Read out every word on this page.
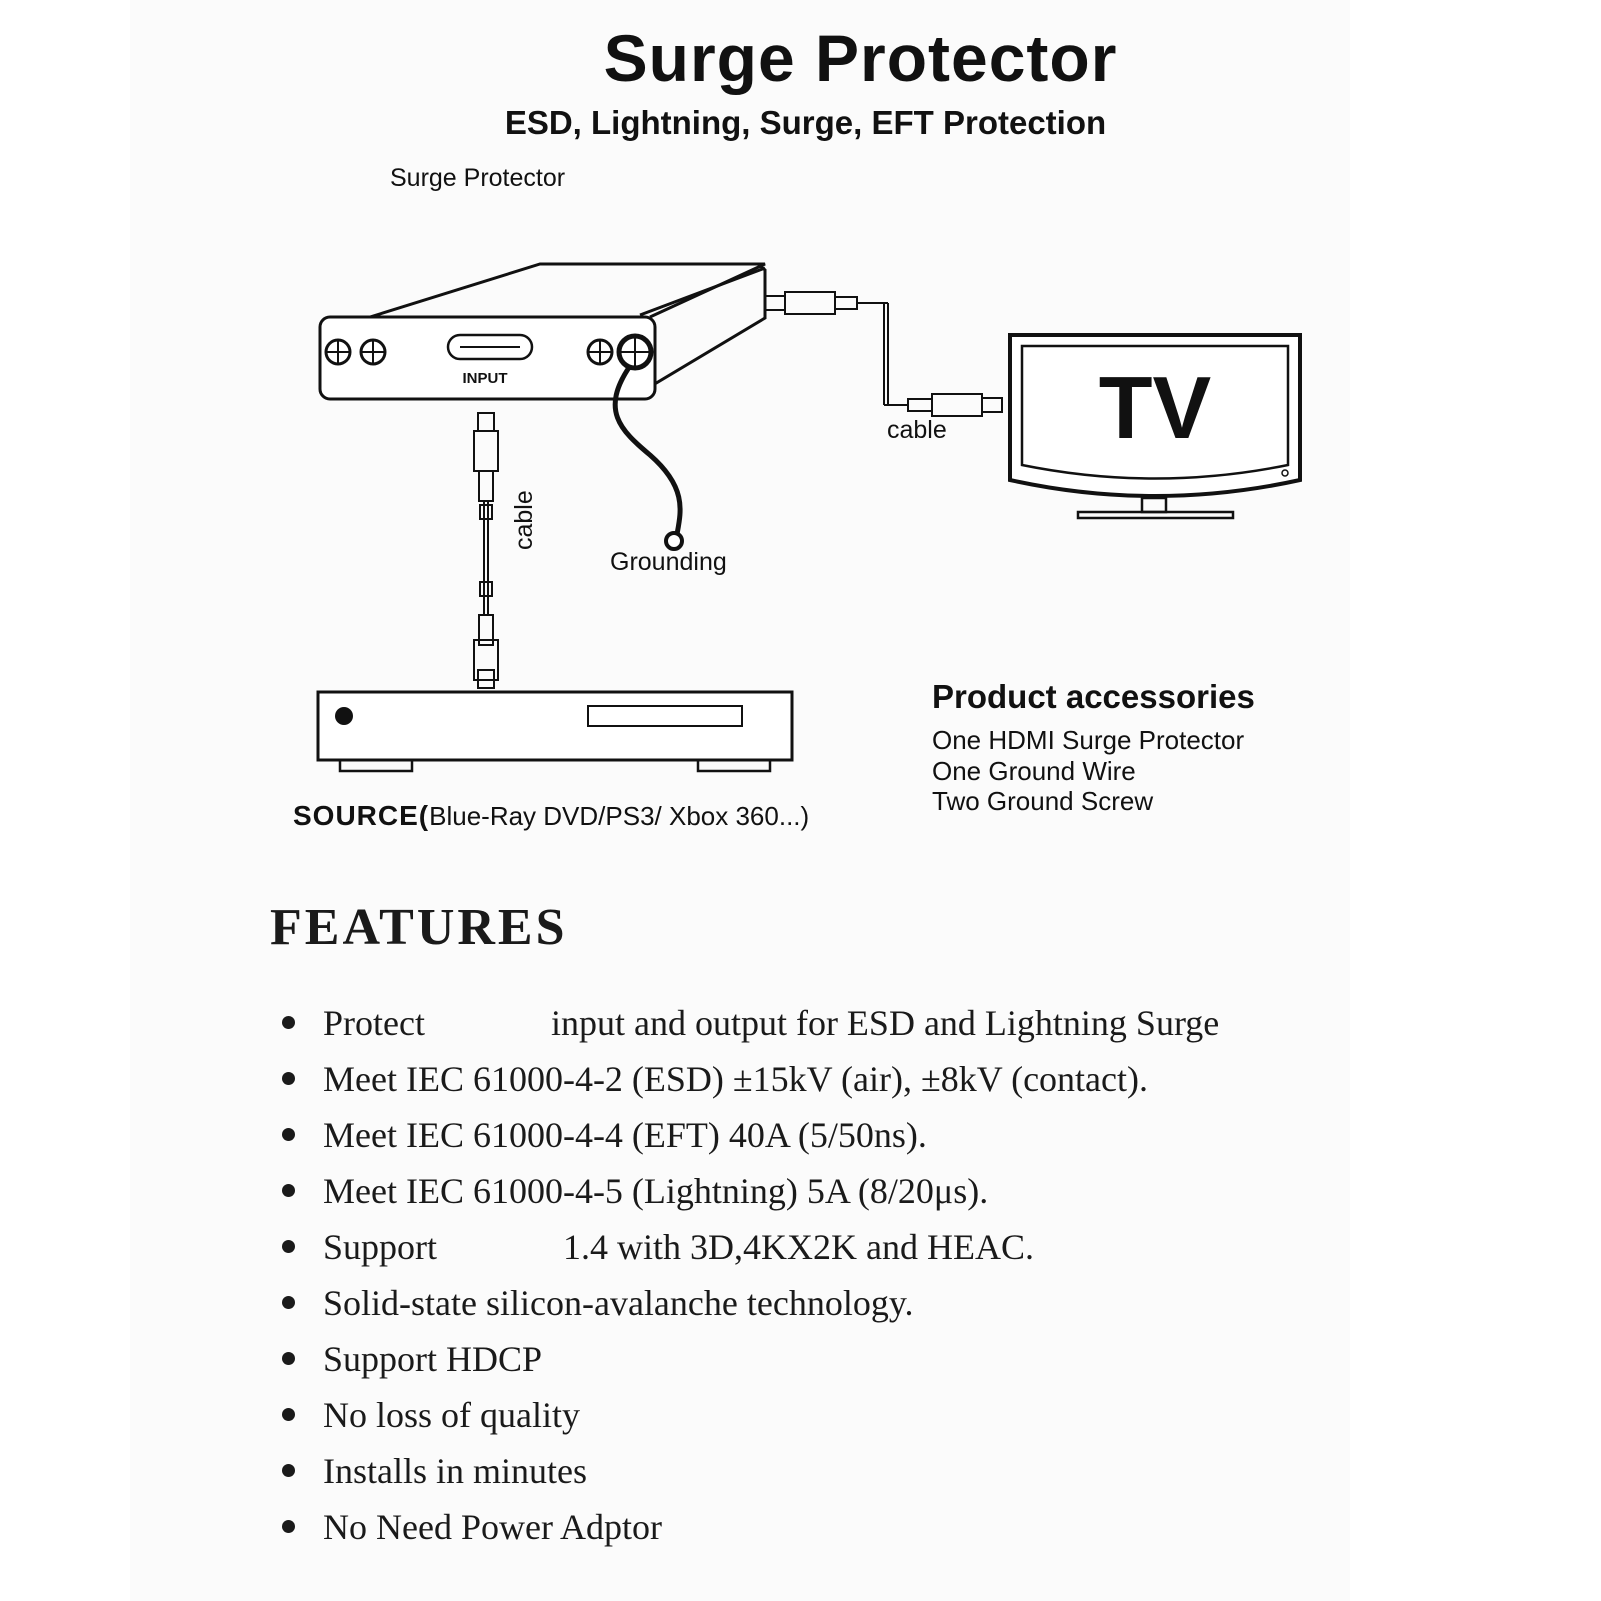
Surge Protector
ESD, Lightning, Surge, EFT Protection
Surge Protector
INPUT	TV
cable
cable
Grounding
SOURCE(Blue-Ray DVD/PS3/ Xbox 360...)
Product accessories
One HDMI Surge Protector
One Ground Wire
Two Ground Screw
FEATURES
Protect              input and output for ESD and Lightning Surge
Meet IEC 61000-4-2 (ESD) ±15kV (air), ±8kV (contact).
Meet IEC 61000-4-4 (EFT) 40A (5/50ns).
Meet IEC 61000-4-5 (Lightning) 5A (8/20μs).
Support              1.4 with 3D,4KX2K and HEAC.
Solid-state silicon-avalanche technology.
Support HDCP
No loss of quality
Installs in minutes
No Need Power Adptor
